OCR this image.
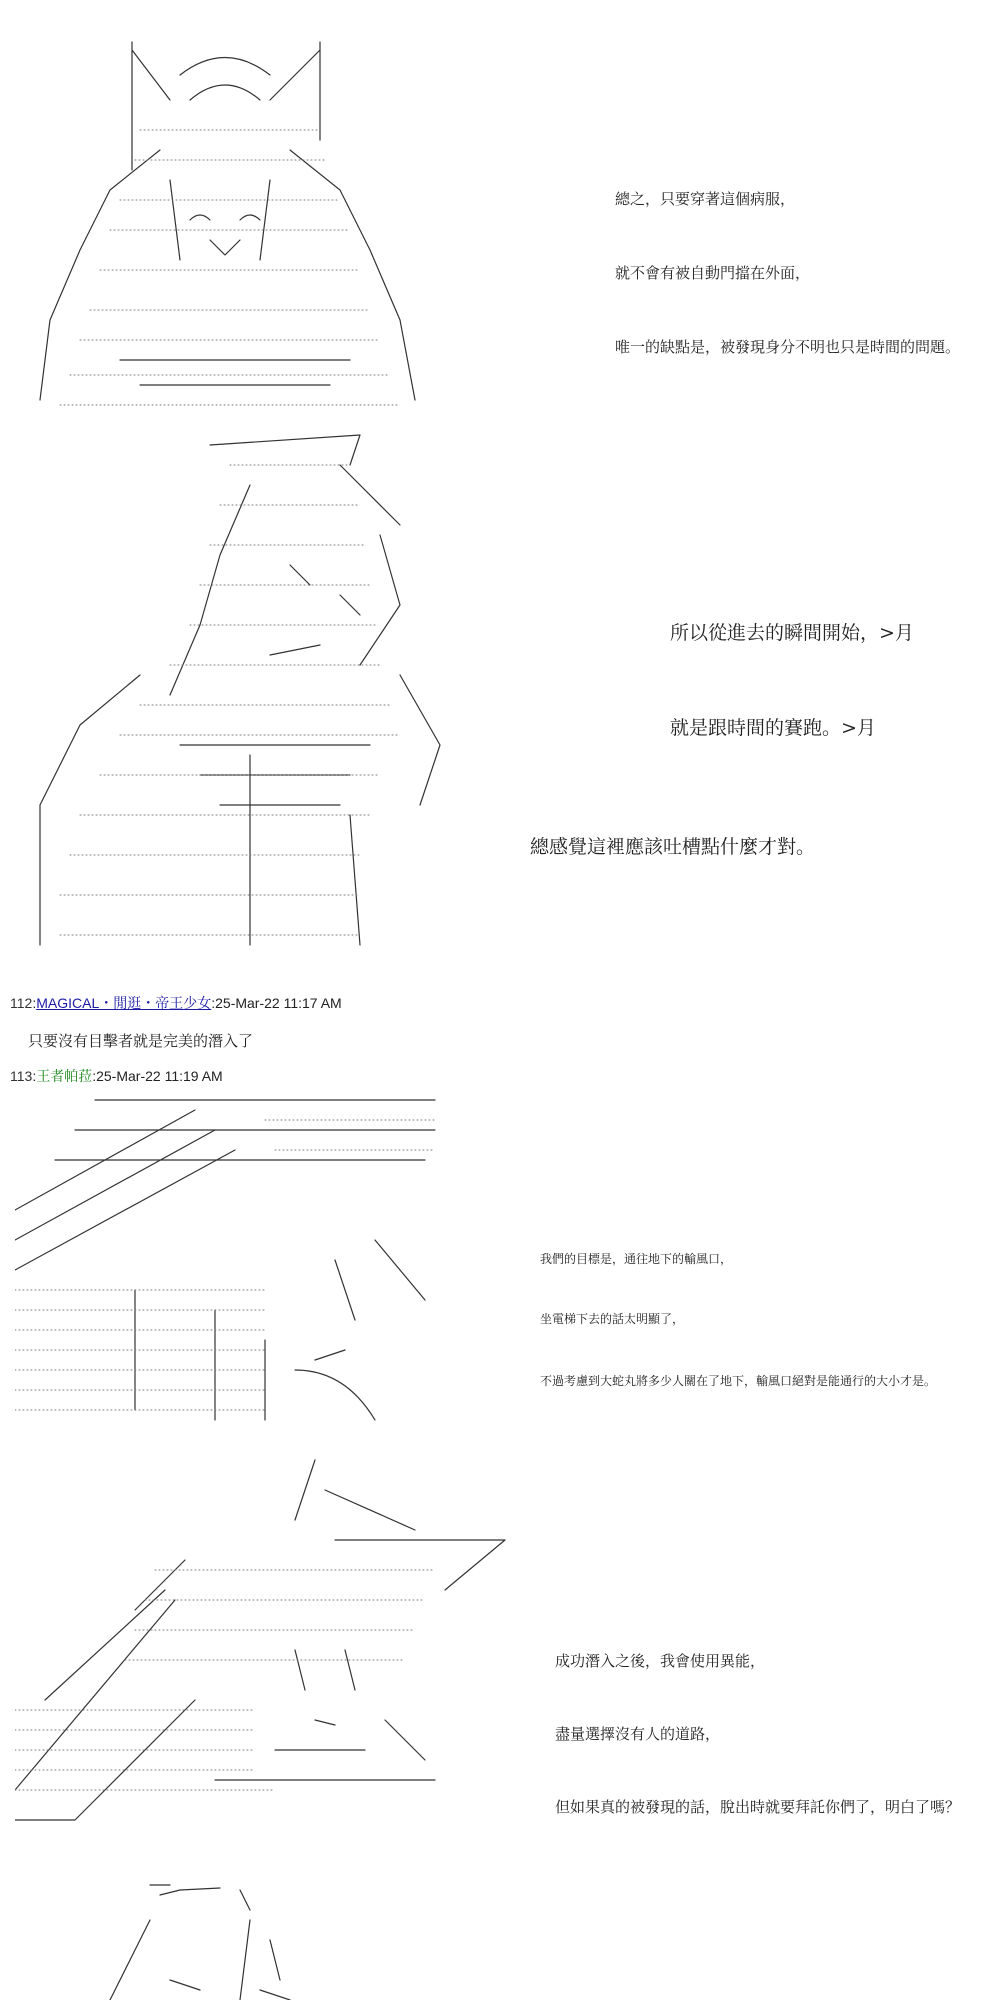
總之，只要穿著這個病服，
就不會有被自動門擋在外面，
唯一的缺點是，被發現身分不明也只是時間的問題。
所以從進去的瞬間開始，>月
就是跟時間的賽跑。>月
總感覺這裡應該吐槽點什麼才對。
112:MAGICAL・閒逛・帝王少女:25-Mar-22 11:17 AM
只要沒有目擊者就是完美的潛入了
113:王者帕菈:25-Mar-22 11:19 AM
我們的目標是，通往地下的輸風口，
坐電梯下去的話太明顯了，
不過考慮到大蛇丸將多少人關在了地下，輸風口絕對是能通行的大小才是。
成功潛入之後，我會使用異能，
盡量選擇沒有人的道路，
但如果真的被發現的話，脫出時就要拜託你們了，明白了嗎？
